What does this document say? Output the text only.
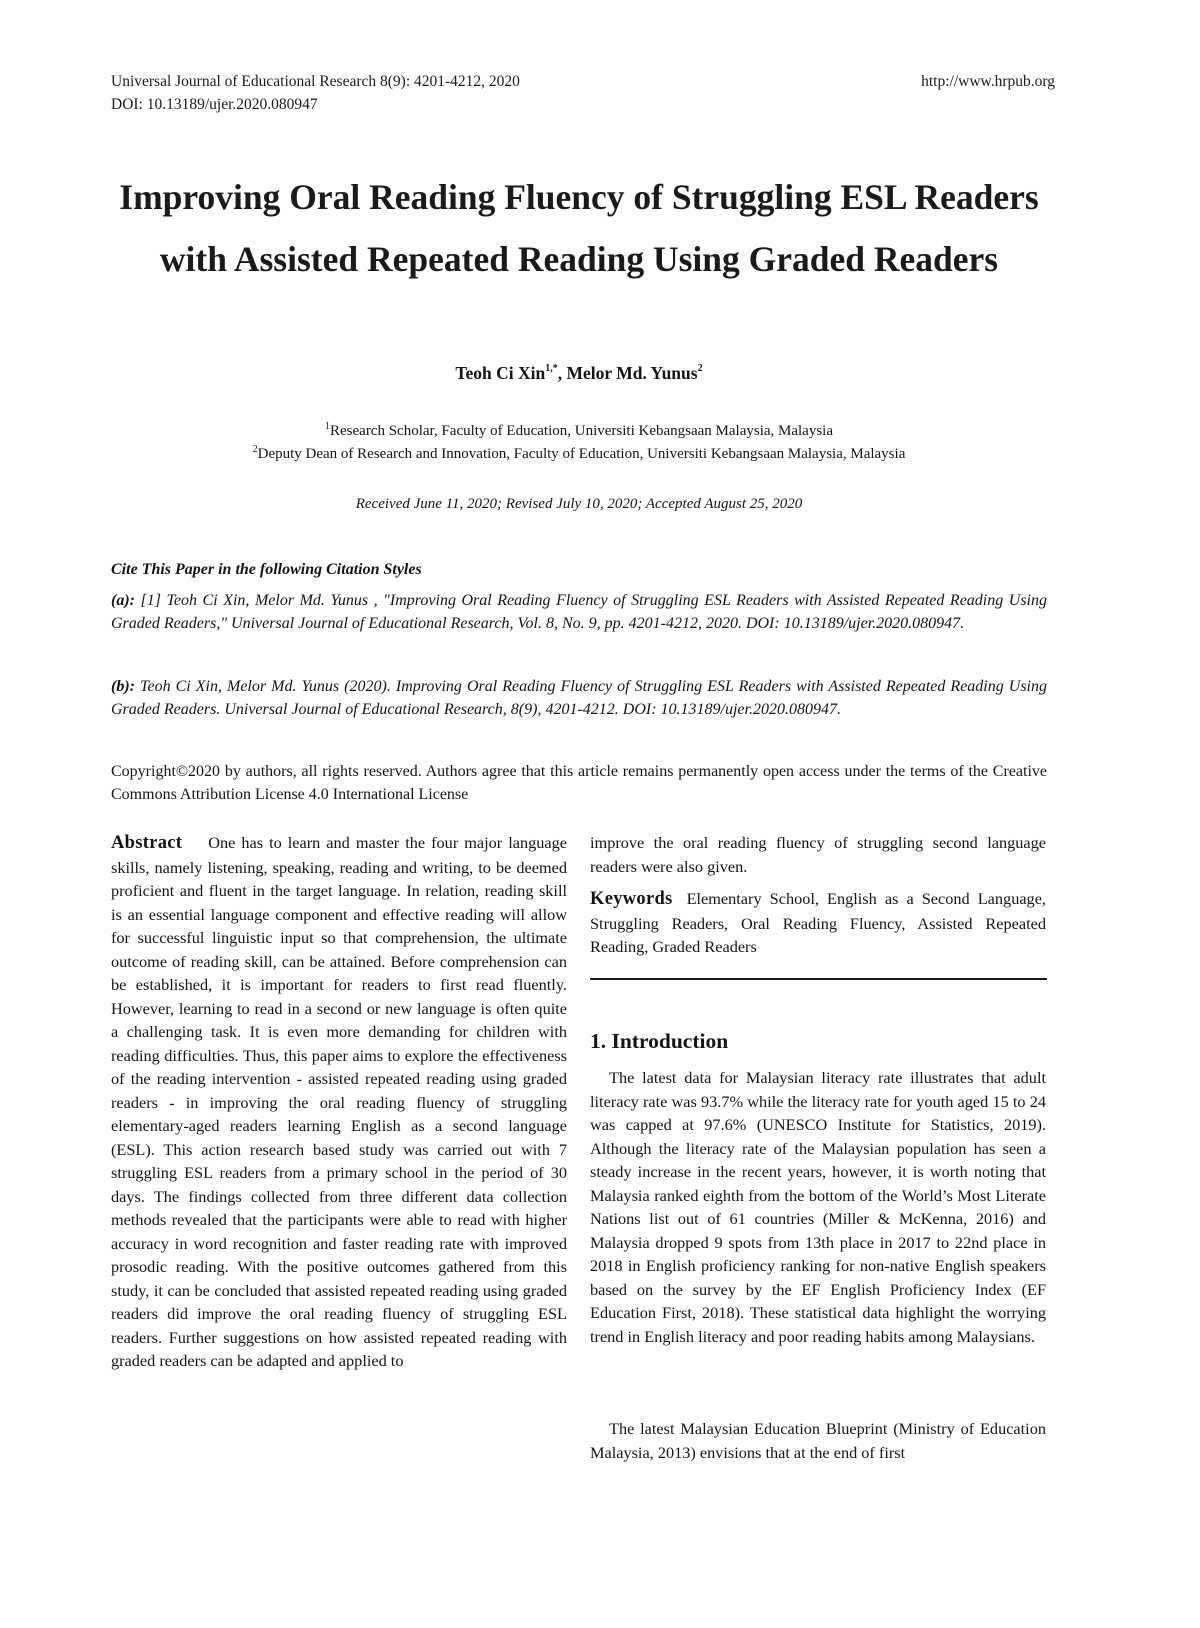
Universal Journal of Educational Research 8(9): 4201-4212, 2020
DOI: 10.13189/ujer.2020.080947
http://www.hrpub.org
Improving Oral Reading Fluency of Struggling ESL Readers with Assisted Repeated Reading Using Graded Readers
Teoh Ci Xin$^{1,*}$, Melor Md. Yunus$^2$
$^1$Research Scholar, Faculty of Education, Universiti Kebangsaan Malaysia, Malaysia
$^2$Deputy Dean of Research and Innovation, Faculty of Education, Universiti Kebangsaan Malaysia, Malaysia
Received June 11, 2020; Revised July 10, 2020; Accepted August 25, 2020
Cite This Paper in the following Citation Styles
(a): [1] Teoh Ci Xin, Melor Md. Yunus , "Improving Oral Reading Fluency of Struggling ESL Readers with Assisted Repeated Reading Using Graded Readers," Universal Journal of Educational Research, Vol. 8, No. 9, pp. 4201-4212, 2020. DOI: 10.13189/ujer.2020.080947.
(b): Teoh Ci Xin, Melor Md. Yunus (2020). Improving Oral Reading Fluency of Struggling ESL Readers with Assisted Repeated Reading Using Graded Readers. Universal Journal of Educational Research, 8(9), 4201-4212. DOI: 10.13189/ujer.2020.080947.
Copyright©2020 by authors, all rights reserved. Authors agree that this article remains permanently open access under the terms of the Creative Commons Attribution License 4.0 International License
Abstract One has to learn and master the four major language skills, namely listening, speaking, reading and writing, to be deemed proficient and fluent in the target language. In relation, reading skill is an essential language component and effective reading will allow for successful linguistic input so that comprehension, the ultimate outcome of reading skill, can be attained. Before comprehension can be established, it is important for readers to first read fluently. However, learning to read in a second or new language is often quite a challenging task. It is even more demanding for children with reading difficulties. Thus, this paper aims to explore the effectiveness of the reading intervention - assisted repeated reading using graded readers - in improving the oral reading fluency of struggling elementary-aged readers learning English as a second language (ESL). This action research based study was carried out with 7 struggling ESL readers from a primary school in the period of 30 days. The findings collected from three different data collection methods revealed that the participants were able to read with higher accuracy in word recognition and faster reading rate with improved prosodic reading. With the positive outcomes gathered from this study, it can be concluded that assisted repeated reading using graded readers did improve the oral reading fluency of struggling ESL readers. Further suggestions on how assisted repeated reading with graded readers can be adapted and applied to
improve the oral reading fluency of struggling second language readers were also given.
Keywords Elementary School, English as a Second Language, Struggling Readers, Oral Reading Fluency, Assisted Repeated Reading, Graded Readers
1. Introduction
The latest data for Malaysian literacy rate illustrates that adult literacy rate was 93.7% while the literacy rate for youth aged 15 to 24 was capped at 97.6% (UNESCO Institute for Statistics, 2019). Although the literacy rate of the Malaysian population has seen a steady increase in the recent years, however, it is worth noting that Malaysia ranked eighth from the bottom of the World’s Most Literate Nations list out of 61 countries (Miller & McKenna, 2016) and Malaysia dropped 9 spots from 13th place in 2017 to 22nd place in 2018 in English proficiency ranking for non-native English speakers based on the survey by the EF English Proficiency Index (EF Education First, 2018). These statistical data highlight the worrying trend in English literacy and poor reading habits among Malaysians.
The latest Malaysian Education Blueprint (Ministry of Education Malaysia, 2013) envisions that at the end of first
